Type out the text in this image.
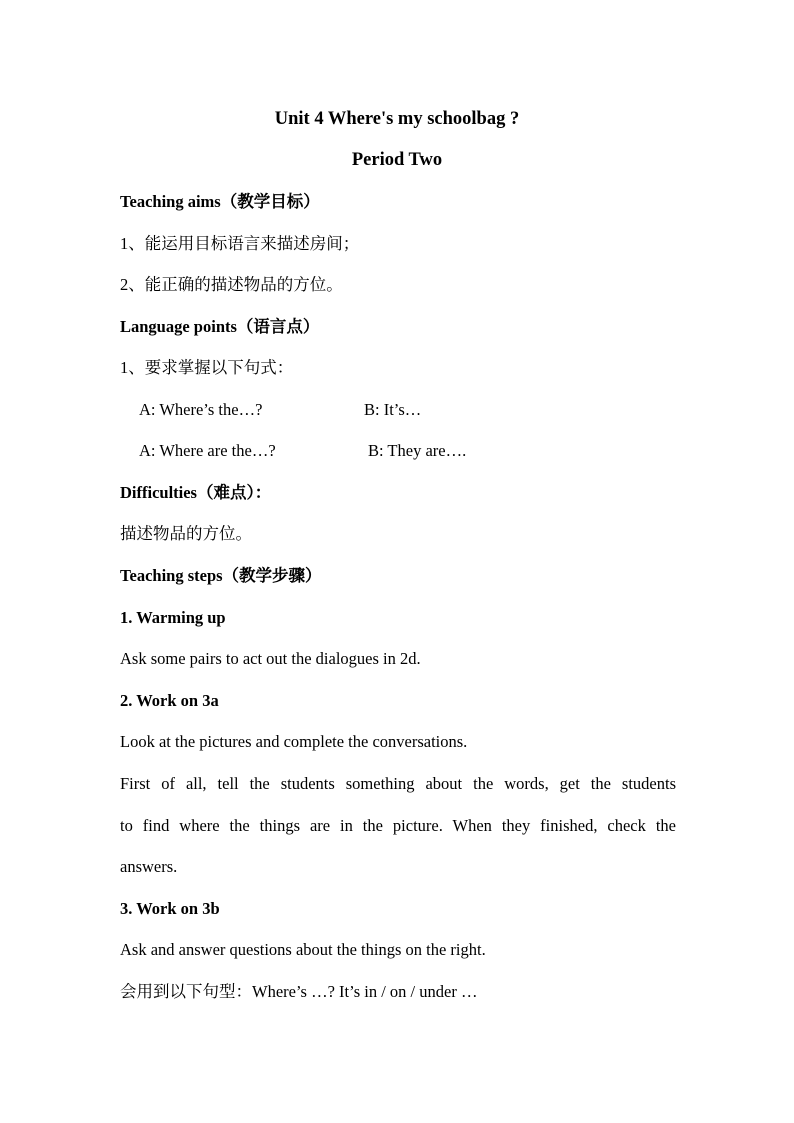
Unit 4 Where's my schoolbag ?
Period Two
Teaching aims（教学目标）
1、能运用目标语言来描述房间；
2、能正确的描述物品的方位。
Language points（语言点）
1、要求掌握以下句式：
A: Where’s the…?	B: It’s…
A: Where are the…?	B: They are….
Difficulties（难点）：
描述物品的方位。
Teaching steps（教学步骤）
1. Warming up
Ask some pairs to act out the dialogues in 2d.
2. Work on 3a
Look at the pictures and complete the conversations.
First of all, tell the students something about the words, get the students
to find where the things are in the picture. When they finished, check the
answers.
3. Work on 3b
Ask and answer questions about the things on the right.
会用到以下句型：Where’s …? It’s in / on / under …
